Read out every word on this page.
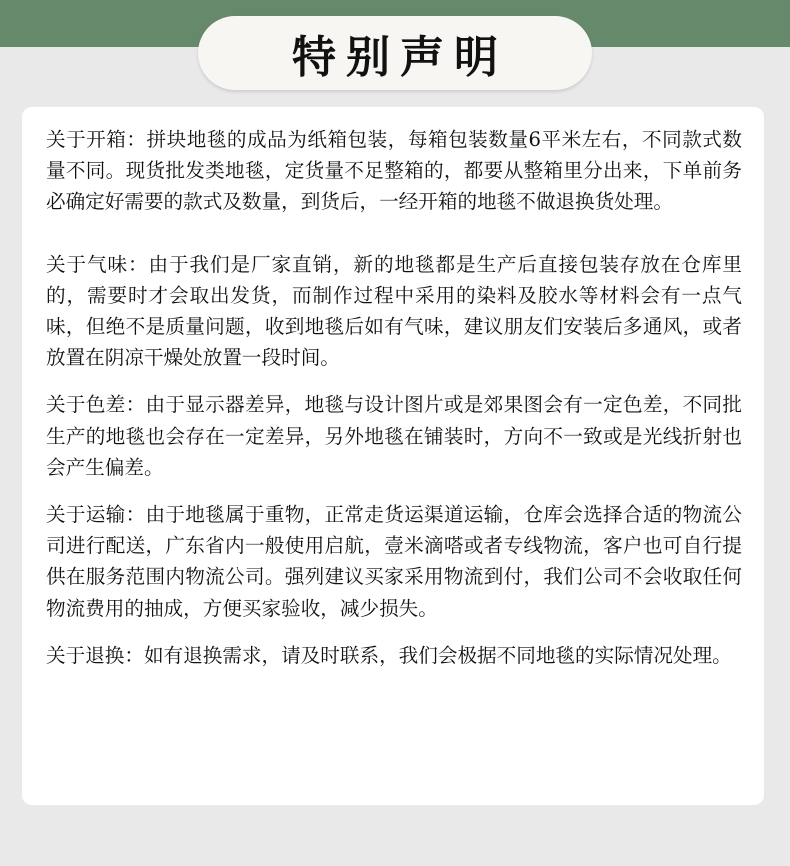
特别声明

关于开箱：拼块地毯的成品为纸箱包装，每箱包装数量6平米左右，不同款式数量不同。现货批发类地毯，定货量不足整箱的，都要从整箱里分出来，下单前务必确定好需要的款式及数量，到货后，一经开箱的地毯不做退换货处理。

关于气味：由于我们是厂家直销，新的地毯都是生产后直接包装存放在仓库里的，需要时才会取出发货，而制作过程中采用的染料及胶水等材料会有一点气味，但绝不是质量问题，收到地毯后如有气味，建议朋友们安装后多通风，或者放置在阴凉干燥处放置一段时间。

关于色差：由于显示器差异，地毯与设计图片或是郊果图会有一定色差，不同批生产的地毯也会存在一定差异，另外地毯在铺装时，方向不一致或是光线折射也会产生偏差。

关于运输：由于地毯属于重物，正常走货运渠道运输，仓库会选择合适的物流公司进行配送，广东省内一般使用启航，壹米滴嗒或者专线物流，客户也可自行提供在服务范围内物流公司。强列建议买家采用物流到付，我们公司不会收取任何物流费用的抽成，方便买家验收，减少损失。

关于退换：如有退换需求，请及时联系，我们会极据不同地毯的实际情况处理。
